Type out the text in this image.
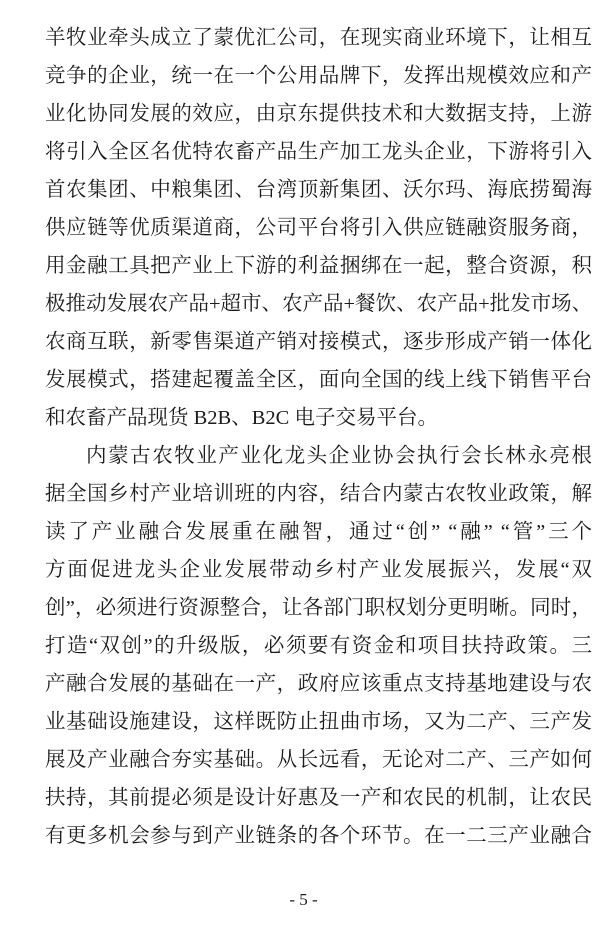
羊牧业牵头成立了蒙优汇公司，在现实商业环境下，让相互
竞争的企业，统一在一个公用品牌下，发挥出规模效应和产
业化协同发展的效应，由京东提供技术和大数据支持，上游
将引入全区名优特农畜产品生产加工龙头企业，下游将引入
首农集团、中粮集团、台湾顶新集团、沃尔玛、海底捞蜀海
供应链等优质渠道商，公司平台将引入供应链融资服务商，
用金融工具把产业上下游的利益捆绑在一起，整合资源，积
极推动发展农产品+超市、农产品+餐饮、农产品+批发市场、
农商互联，新零售渠道产销对接模式，逐步形成产销一体化
发展模式，搭建起覆盖全区，面向全国的线上线下销售平台
和农畜产品现货 B2B、B2C 电子交易平台。
内蒙古农牧业产业化龙头企业协会执行会长林永亮根
据全国乡村产业培训班的内容，结合内蒙古农牧业政策，解
读了产业融合发展重在融智，通过“创” “融” “管”三个
方面促进龙头企业发展带动乡村产业发展振兴，发展“双
创”，必须进行资源整合，让各部门职权划分更明晰。同时，
打造“双创”的升级版，必须要有资金和项目扶持政策。三
产融合发展的基础在一产，政府应该重点支持基地建设与农
业基础设施建设，这样既防止扭曲市场，又为二产、三产发
展及产业融合夯实基础。从长远看，无论对二产、三产如何
扶持，其前提必须是设计好惠及一产和农民的机制，让农民
有更多机会参与到产业链条的各个环节。在一二三产业融合
- 5 -
